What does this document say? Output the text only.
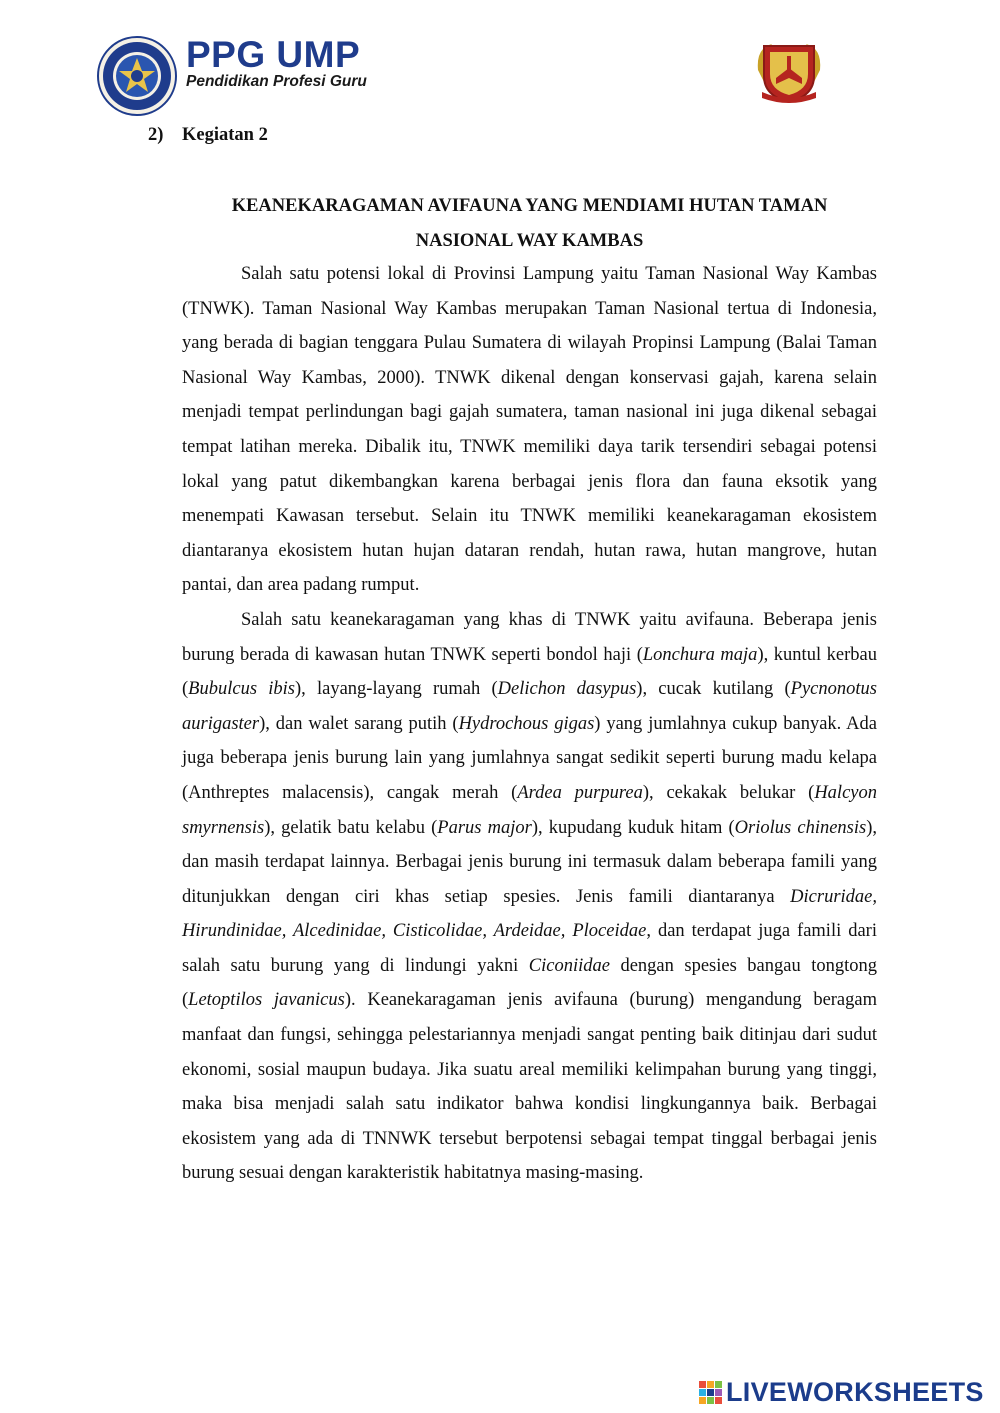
PPG UMP
Pendidikan Profesi Guru
2) Kegiatan 2
KEANEKARAGAMAN AVIFAUNA YANG MENDIAMI HUTAN TAMAN
NASIONAL WAY KAMBAS

Salah satu potensi lokal di Provinsi Lampung yaitu Taman Nasional Way Kambas (TNWK). Taman Nasional Way Kambas merupakan Taman Nasional tertua di Indonesia, yang berada di bagian tenggara Pulau Sumatera di wilayah Propinsi Lampung (Balai Taman Nasional Way Kambas, 2000). TNWK dikenal dengan konservasi gajah, karena selain menjadi tempat perlindungan bagi gajah sumatera, taman nasional ini juga dikenal sebagai tempat latihan mereka. Dibalik itu, TNWK memiliki daya tarik tersendiri sebagai potensi lokal yang patut dikembangkan karena berbagai jenis flora dan fauna eksotik yang menempati Kawasan tersebut. Selain itu TNWK memiliki keanekaragaman ekosistem diantaranya ekosistem hutan hujan dataran rendah, hutan rawa, hutan mangrove, hutan pantai, dan area padang rumput.

Salah satu keanekaragaman yang khas di TNWK yaitu avifauna. Beberapa jenis burung berada di kawasan hutan TNWK seperti bondol haji (Lonchura maja), kuntul kerbau (Bubulcus ibis), layang-layang rumah (Delichon dasypus), cucak kutilang (Pycnonotus aurigaster), dan walet sarang putih (Hydrochous gigas) yang jumlahnya cukup banyak. Ada juga beberapa jenis burung lain yang jumlahnya sangat sedikit seperti burung madu kelapa (Anthreptes malacensis), cangak merah (Ardea purpurea), cekakak belukar (Halcyon smyrnensis), gelatik batu kelabu (Parus major), kupudang kuduk hitam (Oriolus chinensis), dan masih terdapat lainnya. Berbagai jenis burung ini termasuk dalam beberapa famili yang ditunjukkan dengan ciri khas setiap spesies. Jenis famili diantaranya Dicruridae, Hirundinidae, Alcedinidae, Cisticolidae, Ardeidae, Ploceidae, dan terdapat juga famili dari salah satu burung yang di lindungi yakni Ciconiidae dengan spesies bangau tongtong (Letoptilos javanicus). Keanekaragaman jenis avifauna (burung) mengandung beragam manfaat dan fungsi, sehingga pelestariannya menjadi sangat penting baik ditinjau dari sudut ekonomi, sosial maupun budaya. Jika suatu areal memiliki kelimpahan burung yang tinggi, maka bisa menjadi salah satu indikator bahwa kondisi lingkungannya baik. Berbagai ekosistem yang ada di TNNWK tersebut berpotensi sebagai tempat tinggal berbagai jenis burung sesuai dengan karakteristik habitatnya masing-masing.

LIVEWORKSHEETS
